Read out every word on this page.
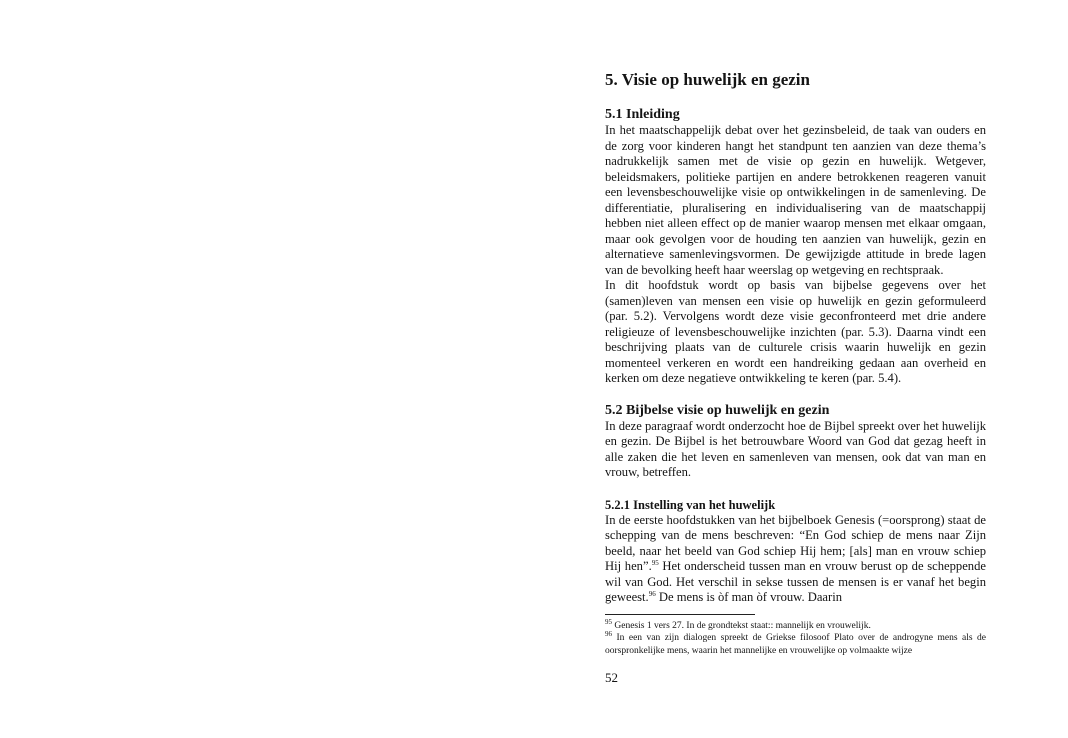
5. Visie op huwelijk en gezin
5.1 Inleiding

In het maatschappelijk debat over het gezinsbeleid, de taak van ouders en de zorg voor kinderen hangt het standpunt ten aanzien van deze thema’s nadrukkelijk samen met de visie op gezin en huwelijk. Wetgever, beleidsmakers, politieke partijen en andere betrokkenen reageren vanuit een levensbeschouwelijke visie op ontwikkelingen in de samenleving. De differentiatie, pluralisering en individualisering van de maatschappij hebben niet alleen effect op de manier waarop mensen met elkaar omgaan, maar ook gevolgen voor de houding ten aanzien van huwelijk, gezin en alternatieve samenlevingsvormen. De gewijzigde attitude in brede lagen van de bevolking heeft haar weerslag op wetgeving en rechtspraak.

In dit hoofdstuk wordt op basis van bijbelse gegevens over het (samen)leven van mensen een visie op huwelijk en gezin geformuleerd (par. 5.2). Vervolgens wordt deze visie geconfronteerd met drie andere religieuze of levensbeschouwelijke inzichten (par. 5.3). Daarna vindt een beschrijving plaats van de culturele crisis waarin huwelijk en gezin momenteel verkeren en wordt een handreiking gedaan aan overheid en kerken om deze negatieve ontwikkeling te keren (par. 5.4).

5.2 Bijbelse visie op huwelijk en gezin

In deze paragraaf wordt onderzocht hoe de Bijbel spreekt over het huwelijk en gezin. De Bijbel is het betrouwbare Woord van God dat gezag heeft in alle zaken die het leven en samenleven van mensen, ook dat van man en vrouw, betreffen.

5.2.1 Instelling van het huwelijk

In de eerste hoofdstukken van het bijbelboek Genesis (=oorsprong) staat de schepping van de mens beschreven: “En God schiep de mens naar Zijn beeld, naar het beeld van God schiep Hij hem; [als] man en vrouw schiep Hij hen”.$^{95}$ Het onderscheid tussen man en vrouw berust op de scheppende wil van God. Het verschil in sekse tussen de mensen is er vanaf het begin geweest.$^{96}$ De mens is òf man òf vrouw. Daarin

$^{95}$ Genesis 1 vers 27. In de grondtekst staat:: mannelijk en vrouwelijk.

$^{96}$ In een van zijn dialogen spreekt de Griekse filosoof Plato over de androgyne mens als de oorspronkelijke mens, waarin het mannelijke en vrouwelijke op volmaakte wijze

52
